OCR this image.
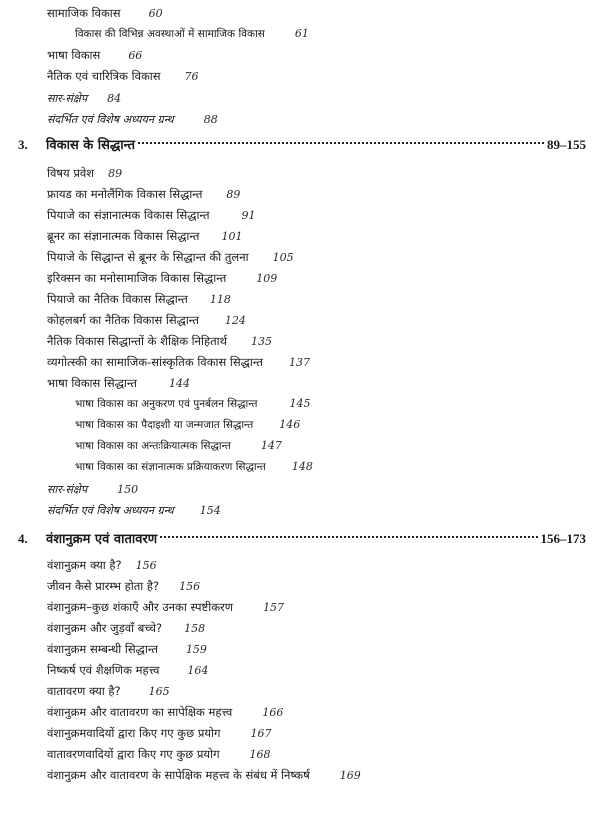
सामाजिक विकास	60
विकास की विभिन्न अवस्थाओं में सामाजिक विकास	61
भाषा विकास	66
नैतिक एवं चारित्रिक विकास 76
सार-संक्षेप 84
संदर्भित एवं विशेष अध्ययन ग्रन्थ	88
3.	विकास के सिद्धान्त	89–155
विषय प्रवेश 89
फ्रायड का मनोलैंगिक विकास सिद्धान्त 89
पियाजे का संज्ञानात्मक विकास सिद्धान्त	91
ब्रूनर का संज्ञानात्मक विकास सिद्धान्त 101
पियाजे के सिद्धान्त से ब्रूनर के सिद्धान्त की तुलना 105
इरिक्सन का मनोसामाजिक विकास सिद्धान्त	109
पियाजे का नैतिक विकास सिद्धान्त 118
कोहलबर्ग का नैतिक विकास सिद्धान्त 124
नैतिक विकास सिद्धान्तों के शैक्षिक निहितार्थ 135
व्यगोत्स्की का सामाजिक-सांस्कृतिक विकास सिद्धान्त 137
भाषा विकास सिद्धान्त	144
भाषा विकास का अनुकरण एवं पुनर्बलन सिद्धान्त	145
भाषा विकास का पैदाइशी या जन्मजात सिद्धान्त 146
भाषा विकास का अन्तःक्रियात्मक सिद्धान्त	147
भाषा विकास का संज्ञानात्मक प्रक्रियाकरण सिद्धान्त 148
सार-संक्षेप	150
संदर्भित एवं विशेष अध्ययन ग्रन्थ 154
4.	वंशानुक्रम एवं वातावरण	156–173
वंशानुक्रम क्या है? 156
जीवन कैसे प्रारम्भ होता है? 156
वंशानुक्रम–कुछ शंकाएँ और उनका स्पष्टीकरण	157
वंशानुक्रम और जुड़वाँ बच्चे? 158
वंशानुक्रम सम्बन्धी सिद्धान्त	159
निष्कर्ष एवं शैक्षणिक महत्त्व	164
वातावरण क्या है?	165
वंशानुक्रम और वातावरण का सापेक्षिक महत्त्व	166
वंशानुक्रमवादियों द्वारा किए गए कुछ प्रयोग	167
वातावरणवादियों द्वारा किए गए कुछ प्रयोग	168
वंशानुक्रम और वातावरण के सापेक्षिक महत्त्व के संबंध में निष्कर्ष	169
